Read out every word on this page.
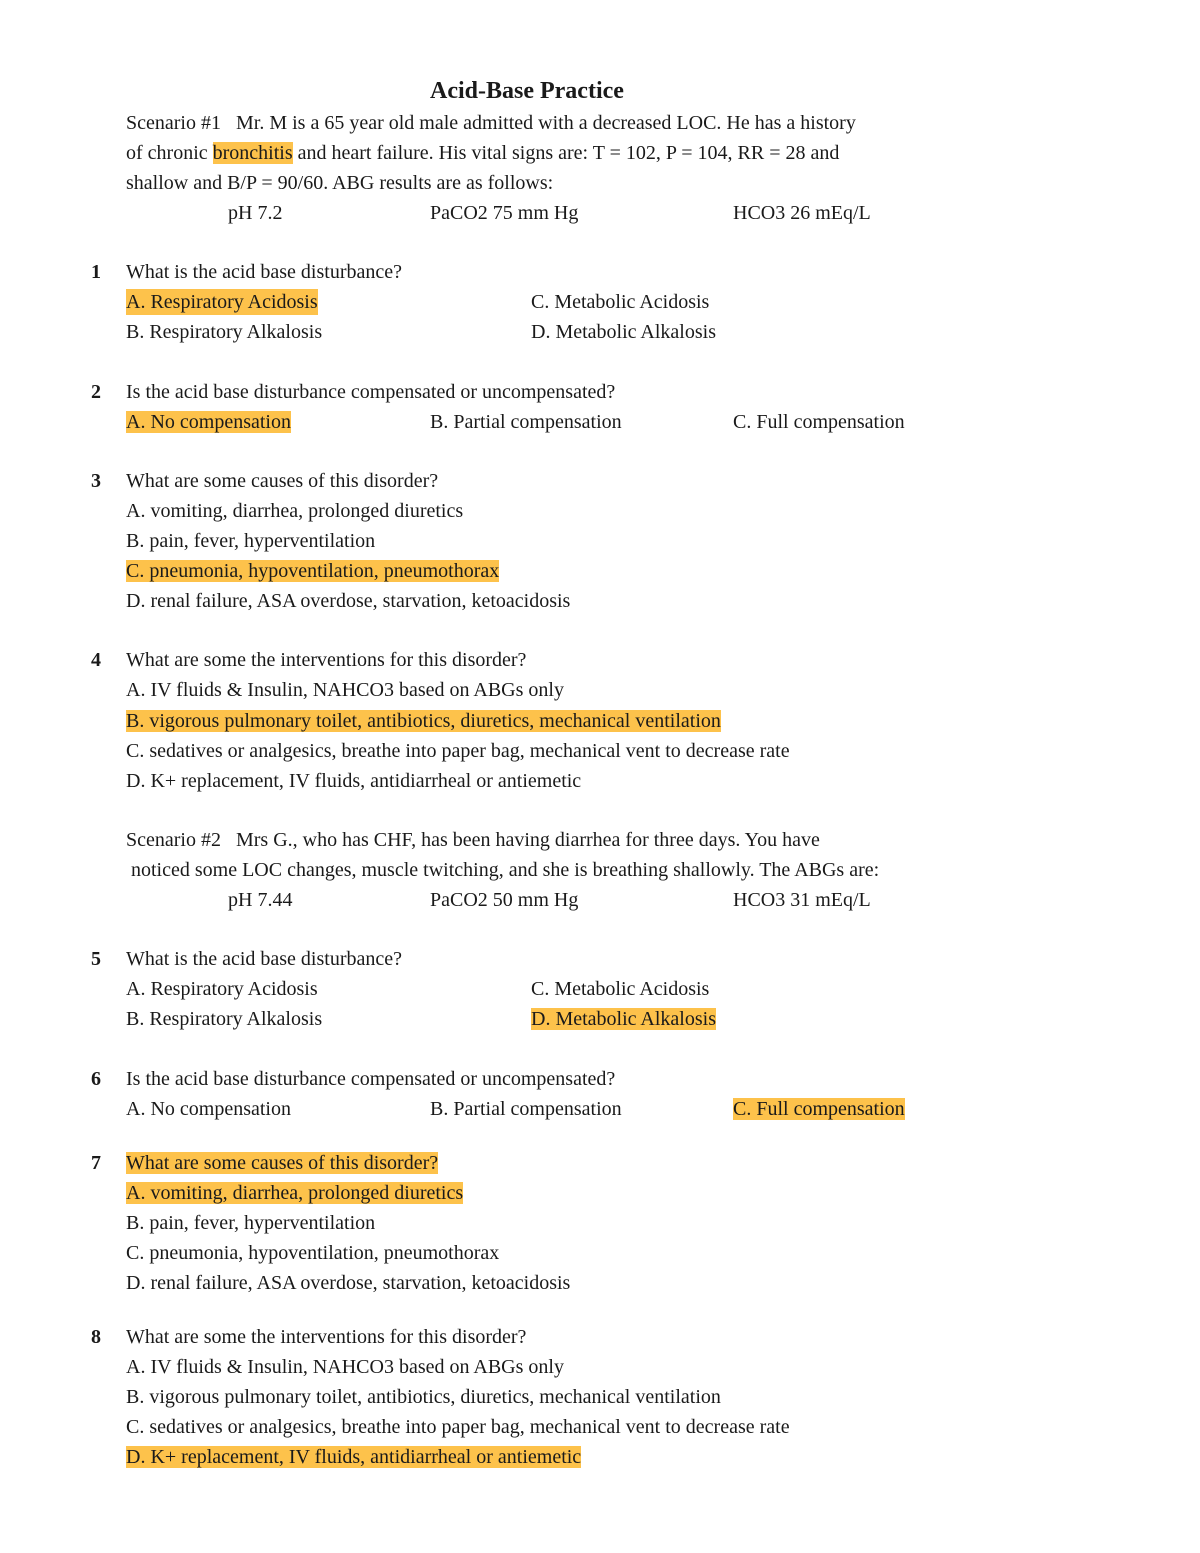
Acid-Base Practice
Scenario #1 Mr. M is a 65 year old male admitted with a decreased LOC. He has a history
of chronic bronchitis and heart failure. His vital signs are: T = 102, P = 104, RR = 28 and
shallow and B/P = 90/60. ABG results are as follows:
pH 7.2	PaCO2 75 mm Hg	HCO3 26 mEq/L
1 What is the acid base disturbance?
A. Respiratory Acidosis	C. Metabolic Acidosis
B. Respiratory Alkalosis	D. Metabolic Alkalosis
2 Is the acid base disturbance compensated or uncompensated?
A. No compensation	B. Partial compensation	C. Full compensation
3 What are some causes of this disorder?
A. vomiting, diarrhea, prolonged diuretics
B. pain, fever, hyperventilation
C. pneumonia, hypoventilation, pneumothorax
D. renal failure, ASA overdose, starvation, ketoacidosis
4 What are some the interventions for this disorder?
A. IV fluids & Insulin, NAHCO3 based on ABGs only
B. vigorous pulmonary toilet, antibiotics, diuretics, mechanical ventilation
C. sedatives or analgesics, breathe into paper bag, mechanical vent to decrease rate
D. K+ replacement, IV fluids, antidiarrheal or antiemetic
Scenario #2 Mrs G., who has CHF, has been having diarrhea for three days. You have
noticed some LOC changes, muscle twitching, and she is breathing shallowly. The ABGs are:
pH 7.44	PaCO2 50 mm Hg	HCO3 31 mEq/L
5 What is the acid base disturbance?
A. Respiratory Acidosis	C. Metabolic Acidosis
B. Respiratory Alkalosis	D. Metabolic Alkalosis
6 Is the acid base disturbance compensated or uncompensated?
A. No compensation	B. Partial compensation	C. Full compensation
7 What are some causes of this disorder?
A. vomiting, diarrhea, prolonged diuretics
B. pain, fever, hyperventilation
C. pneumonia, hypoventilation, pneumothorax
D. renal failure, ASA overdose, starvation, ketoacidosis
8 What are some the interventions for this disorder?
A. IV fluids & Insulin, NAHCO3 based on ABGs only
B. vigorous pulmonary toilet, antibiotics, diuretics, mechanical ventilation
C. sedatives or analgesics, breathe into paper bag, mechanical vent to decrease rate
D. K+ replacement, IV fluids, antidiarrheal or antiemetic
